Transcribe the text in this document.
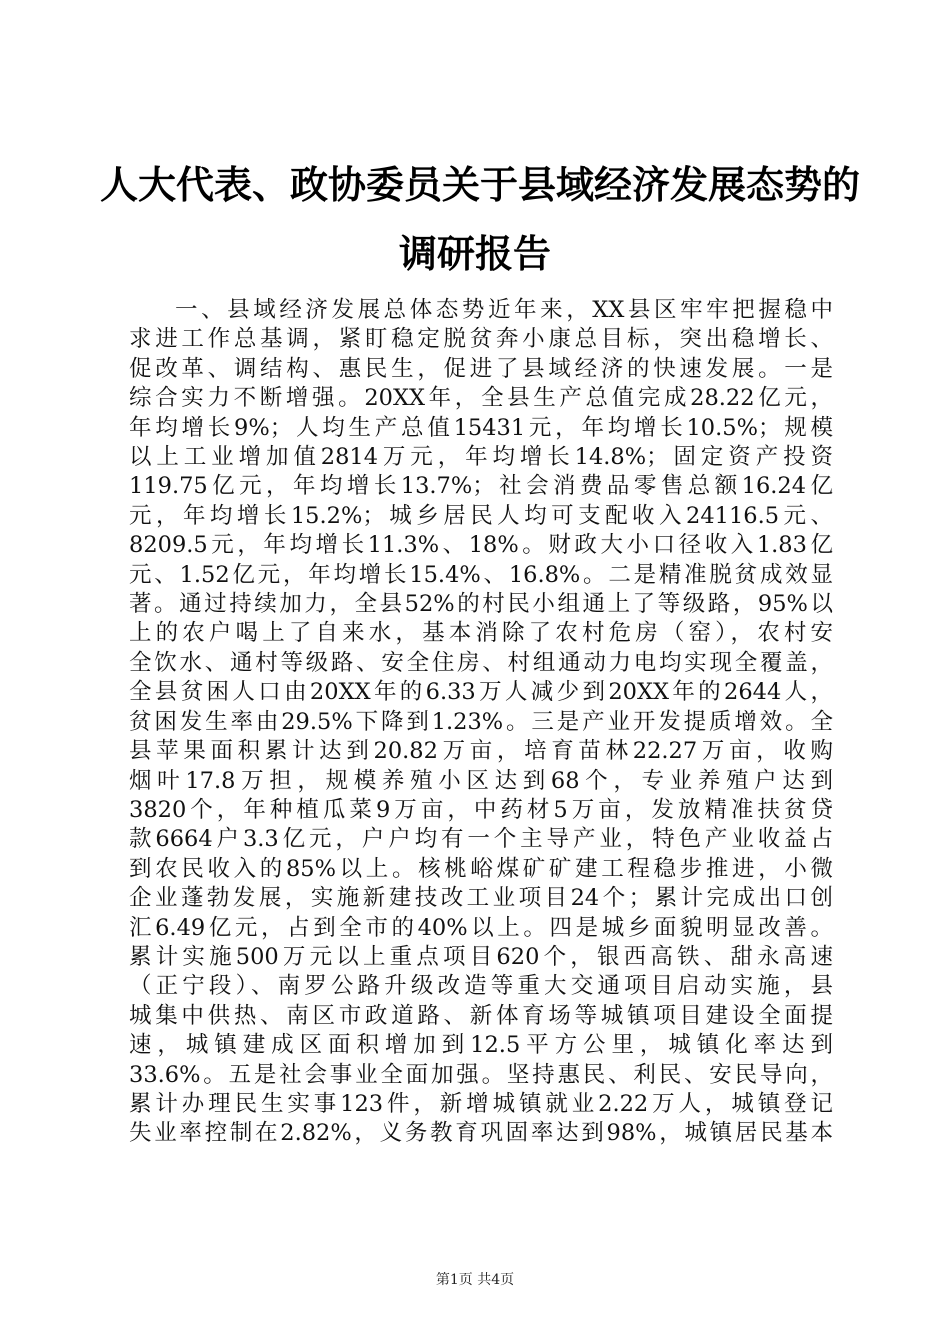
人大代表、政协委员关于县域经济发展态势的
调研报告
一、县域经济发展总体态势近年来，XX县区牢牢把握稳中
求进工作总基调，紧盯稳定脱贫奔小康总目标，突出稳增长、
促改革、调结构、惠民生，促进了县域经济的快速发展。一是
综合实力不断增强。20XX年，全县生产总值完成28.22亿元，
年均增长9%；人均生产总值15431元，年均增长10.5%；规模
以上工业增加值2814万元，年均增长14.8%；固定资产投资
119.75亿元，年均增长13.7%；社会消费品零售总额16.24亿
元，年均增长15.2%；城乡居民人均可支配收入24116.5元、
8209.5元，年均增长11.3%、18%。财政大小口径收入1.83亿
元、1.52亿元，年均增长15.4%、16.8%。二是精准脱贫成效显
著。通过持续加力，全县52%的村民小组通上了等级路，95%以
上的农户喝上了自来水，基本消除了农村危房（窑），农村安
全饮水、通村等级路、安全住房、村组通动力电均实现全覆盖，
全县贫困人口由20XX年的6.33万人减少到20XX年的2644人，
贫困发生率由29.5%下降到1.23%。三是产业开发提质增效。全
县苹果面积累计达到20.82万亩，培育苗林22.27万亩，收购
烟叶17.8万担，规模养殖小区达到68个，专业养殖户达到
3820个，年种植瓜菜9万亩，中药材5万亩，发放精准扶贫贷
款6664户3.3亿元，户户均有一个主导产业，特色产业收益占
到农民收入的85%以上。核桃峪煤矿矿建工程稳步推进，小微
企业蓬勃发展，实施新建技改工业项目24个；累计完成出口创
汇6.49亿元，占到全市的40%以上。四是城乡面貌明显改善。
累计实施500万元以上重点项目620个，银西高铁、甜永高速
（正宁段）、南罗公路升级改造等重大交通项目启动实施，县
城集中供热、南区市政道路、新体育场等城镇项目建设全面提
速，城镇建成区面积增加到12.5平方公里，城镇化率达到
33.6%。五是社会事业全面加强。坚持惠民、利民、安民导向，
累计办理民生实事123件，新增城镇就业2.22万人，城镇登记
失业率控制在2.82%，义务教育巩固率达到98%，城镇居民基本
第1页 共4页
